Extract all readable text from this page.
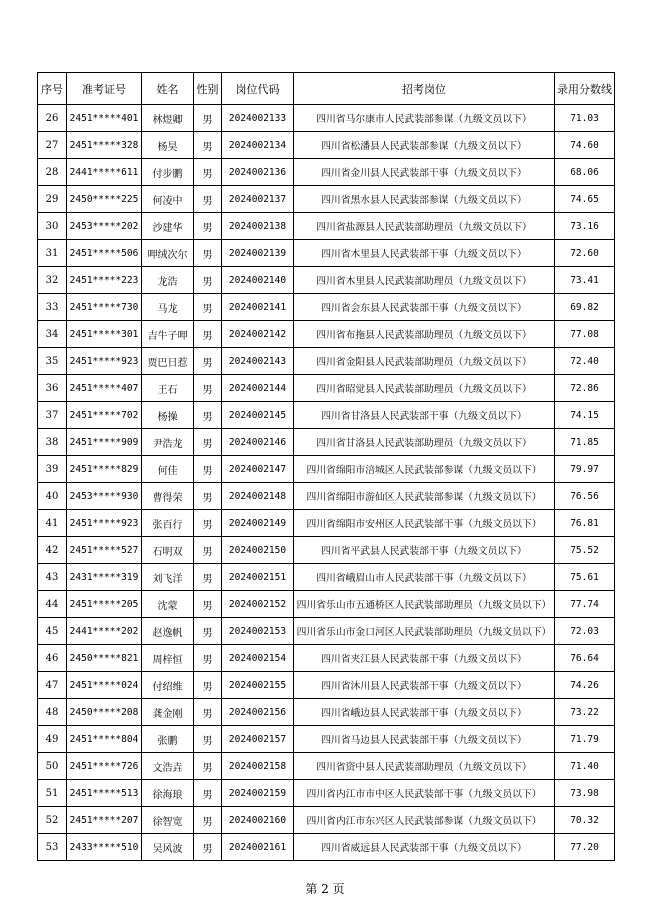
序号	准考证号	姓名	性别	岗位代码	招考岗位	录用分数线
26	2451*****401	林煜卿	男	2024002133	四川省马尔康市人民武装部参谋（九级文员以下）	71.03
27	2451*****328	杨昊	男	2024002134	四川省松潘县人民武装部参谋（九级文员以下）	74.60
28	2441*****611	付步鹏	男	2024002136	四川省金川县人民武装部干事（九级文员以下）	68.06
29	2450*****225	何凌中	男	2024002137	四川省黑水县人民武装部参谋（九级文员以下）	74.65
30	2453*****202	沙建华	男	2024002138	四川省盐源县人民武装部助理员（九级文员以下）	73.16
31	2451*****506	呷绒次尔	男	2024002139	四川省木里县人民武装部干事（九级文员以下）	72.60
32	2451*****223	龙浩	男	2024002140	四川省木里县人民武装部助理员（九级文员以下）	73.41
33	2451*****730	马龙	男	2024002141	四川省会东县人民武装部干事（九级文员以下）	69.82
34	2451*****301	吉牛子呷	男	2024002142	四川省布拖县人民武装部助理员（九级文员以下）	77.08
35	2451*****923	贾巴日惹	男	2024002143	四川省金阳县人民武装部助理员（九级文员以下）	72.40
36	2451*****407	王石	男	2024002144	四川省昭觉县人民武装部助理员（九级文员以下）	72.86
37	2451*****702	杨操	男	2024002145	四川省甘洛县人民武装部干事（九级文员以下）	74.15
38	2451*****909	尹浩龙	男	2024002146	四川省甘洛县人民武装部助理员（九级文员以下）	71.85
39	2451*****829	何佳	男	2024002147	四川省绵阳市涪城区人民武装部参谋（九级文员以下）	79.97
40	2453*****930	曹得荣	男	2024002148	四川省绵阳市游仙区人民武装部参谋（九级文员以下）	76.56
41	2451*****923	张百行	男	2024002149	四川省绵阳市安州区人民武装部干事（九级文员以下）	76.81
42	2451*****527	石明双	男	2024002150	四川省平武县人民武装部干事（九级文员以下）	75.52
43	2431*****319	刘飞洋	男	2024002151	四川省峨眉山市人民武装部干事（九级文员以下）	75.61
44	2451*****205	沈蒙	男	2024002152	四川省乐山市五通桥区人民武装部助理员（九级文员以下）	77.74
45	2441*****202	赵逸帆	男	2024002153	四川省乐山市金口河区人民武装部助理员（九级文员以下）	72.03
46	2450*****821	周梓恒	男	2024002154	四川省夹江县人民武装部干事（九级文员以下）	76.64
47	2451*****024	付绍维	男	2024002155	四川省沐川县人民武装部干事（九级文员以下）	74.26
48	2450*****208	龚金刚	男	2024002156	四川省峨边县人民武装部干事（九级文员以下）	73.22
49	2451*****804	张鹏	男	2024002157	四川省马边县人民武装部干事（九级文员以下）	71.79
50	2451*****726	文浩垚	男	2024002158	四川省资中县人民武装部助理员（九级文员以下）	71.40
51	2451*****513	徐海琅	男	2024002159	四川省内江市市中区人民武装部干事（九级文员以下）	73.98
52	2451*****207	徐智宽	男	2024002160	四川省内江市东兴区人民武装部参谋（九级文员以下）	70.32
53	2433*****510	吴风波	男	2024002161	四川省威远县人民武装部干事（九级文员以下）	77.20
第 2 页
